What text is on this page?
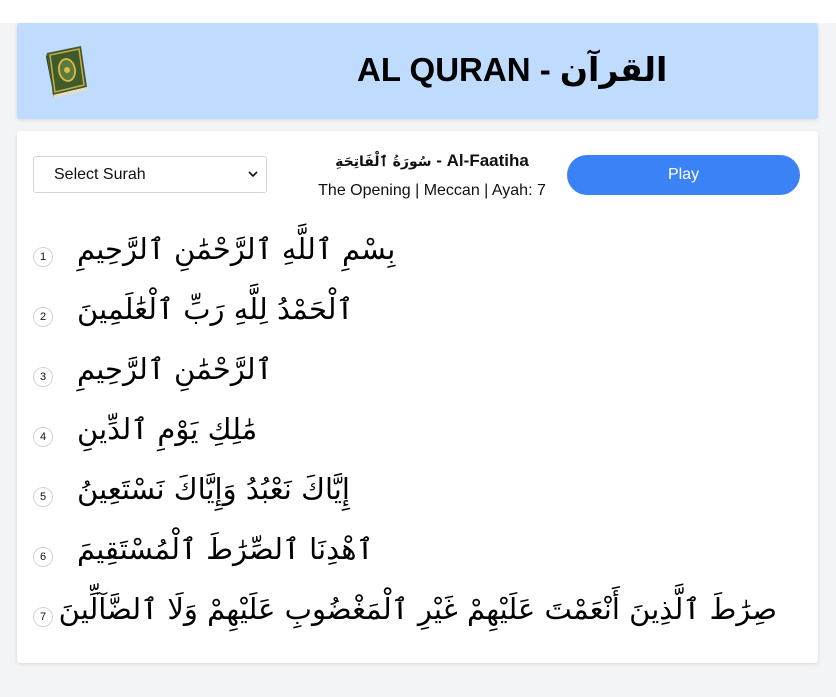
AL QURAN - القرآن
Select Surah
سُورَةُ ٱلْفَاتِحَةِ - Al-Faatiha
The Opening | Meccan | Ayah: 7
Play
1 بِسْمِ ٱللَّهِ ٱلرَّحْمَٰنِ ٱلرَّحِيمِ
2 ٱلْحَمْدُ لِلَّهِ رَبِّ ٱلْعَٰلَمِينَ
3 ٱلرَّحْمَٰنِ ٱلرَّحِيمِ
4 مَٰلِكِ يَوْمِ ٱلدِّينِ
5 إِيَّاكَ نَعْبُدُ وَإِيَّاكَ نَسْتَعِينُ
6 ٱهْدِنَا ٱلصِّرَٰطَ ٱلْمُسْتَقِيمَ
7 صِرَٰطَ ٱلَّذِينَ أَنْعَمْتَ عَلَيْهِمْ غَيْرِ ٱلْمَغْضُوبِ عَلَيْهِمْ وَلَا ٱلضَّآلِّينَ
